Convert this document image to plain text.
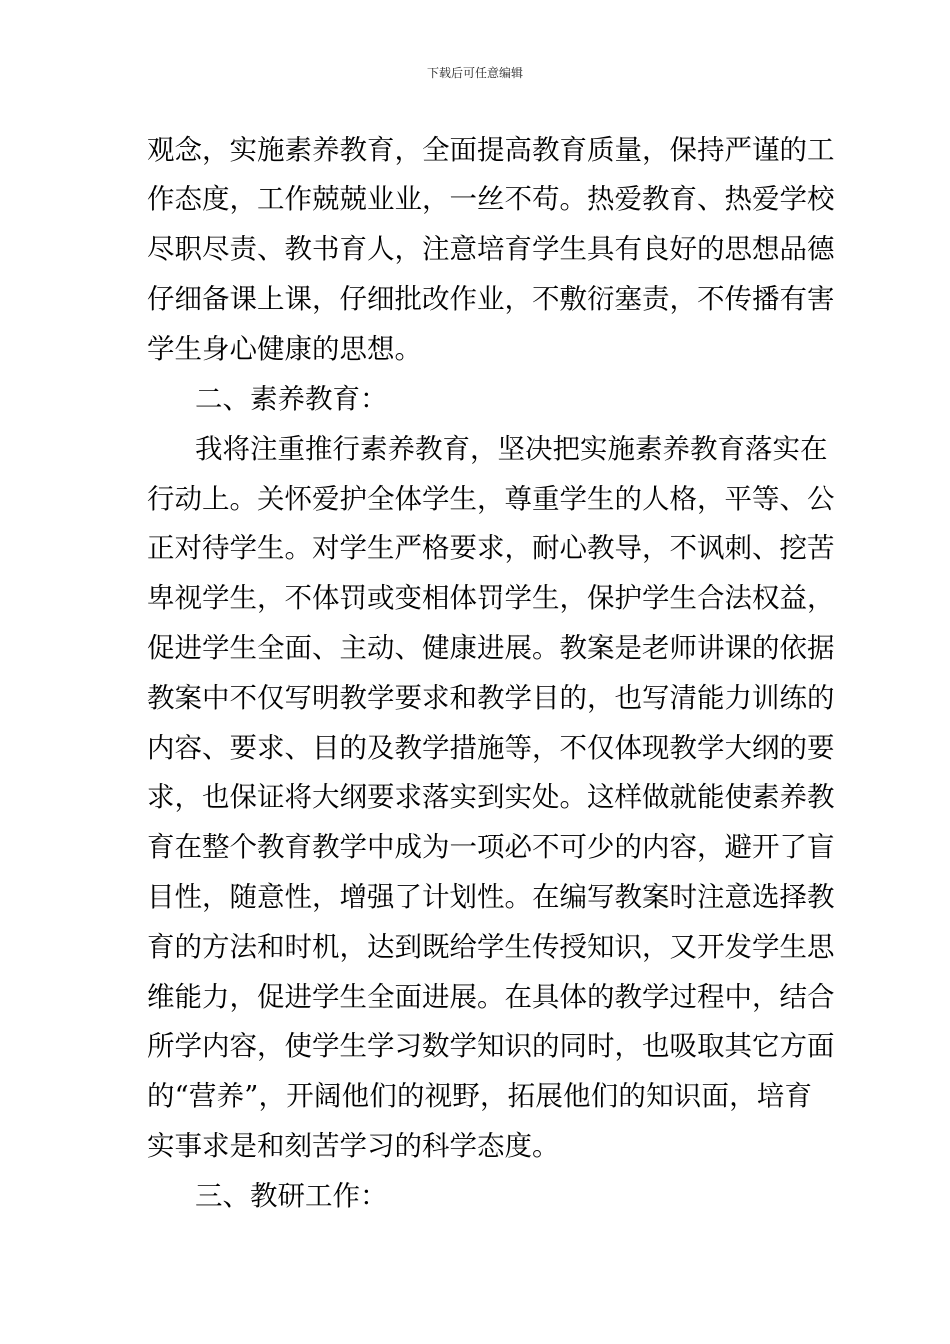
下载后可任意编辑
观念，实施素养教育，全面提高教育质量，保持严谨的工
作态度，工作兢兢业业，一丝不苟。热爱教育、热爱学校
尽职尽责、教书育人，注意培育学生具有良好的思想品德
仔细备课上课，仔细批改作业，不敷衍塞责，不传播有害
学生身心健康的思想。
二、素养教育：
我将注重推行素养教育，坚决把实施素养教育落实在
行动上。关怀爱护全体学生，尊重学生的人格，平等、公
正对待学生。对学生严格要求，耐心教导，不讽刺、挖苦
卑视学生，不体罚或变相体罚学生，保护学生合法权益，
促进学生全面、主动、健康进展。教案是老师讲课的依据
教案中不仅写明教学要求和教学目的，也写清能力训练的
内容、要求、目的及教学措施等，不仅体现教学大纲的要
求，也保证将大纲要求落实到实处。这样做就能使素养教
育在整个教育教学中成为一项必不可少的内容，避开了盲
目性，随意性，增强了计划性。在编写教案时注意选择教
育的方法和时机，达到既给学生传授知识，又开发学生思
维能力，促进学生全面进展。在具体的教学过程中，结合
所学内容，使学生学习数学知识的同时，也吸取其它方面
的“营养”，开阔他们的视野，拓展他们的知识面，培育
实事求是和刻苦学习的科学态度。
三、教研工作：
